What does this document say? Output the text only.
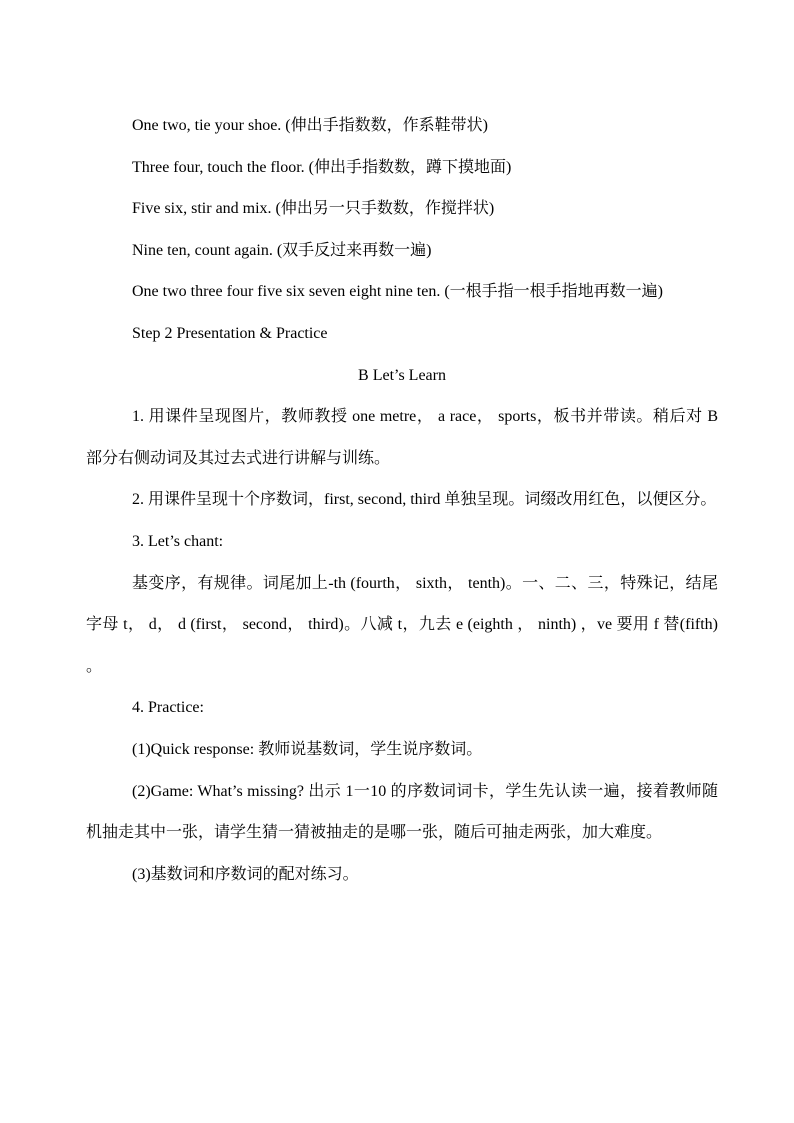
One two, tie your shoe. (伸出手指数数，作系鞋带状)

Three four, touch the floor. (伸出手指数数，蹲下摸地面)

Five six, stir and mix. (伸出另一只手数数，作搅拌状)

Nine ten, count again. (双手反过来再数一遍)

One two three four five six seven eight nine ten. (一根手指一根手指地再数一遍)

Step 2 Presentation & Practice

B Let’s Learn

1. 用课件呈现图片，教师教授 one metre， a race， sports，板书并带读。稍后对 B 部分右侧动词及其过去式进行讲解与训练。

2. 用课件呈现十个序数词，first, second, third 单独呈现。词缀改用红色，以便区分。

3. Let’s chant:

基变序，有规律。词尾加上-th (fourth， sixth， tenth)。一、二、三，特殊记，结尾字母 t， d， d (first， second， third)。八减 t，九去 e (eighth ， ninth) ，ve 要用 f 替(fifth) 。

4. Practice:

(1)Quick response: 教师说基数词，学生说序数词。

(2)Game: What’s missing? 出示 1一10 的序数词词卡，学生先认读一遍，接着教师随机抽走其中一张，请学生猜一猜被抽走的是哪一张，随后可抽走两张，加大难度。

(3)基数词和序数词的配对练习。
